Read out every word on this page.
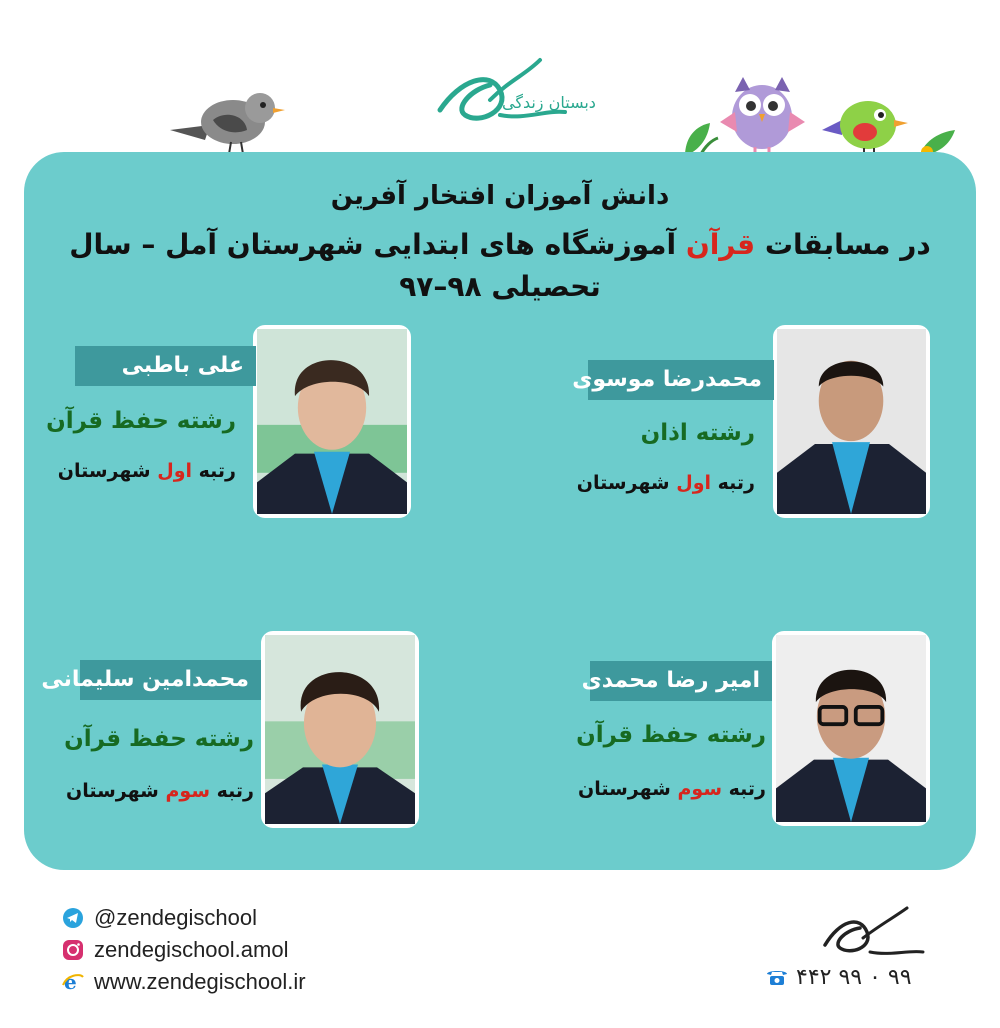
دبستان زندگی
دانش آموزان افتخار آفرین
در مسابقات قرآن آموزشگاه های ابتدایی شهرستان آمل – سال تحصیلی ۹۸–۹۷
محمدرضا موسوی
رشته اذان
رتبه اول شهرستان
علی باطبی
رشته حفظ قرآن
رتبه اول شهرستان
امیر رضا محمدی
رشته حفظ قرآن
رتبه سوم شهرستان
محمدامین سلیمانی
رشته حفظ قرآن
رتبه سوم شهرستان
@zendegischool
zendegischool.amol
e www.zendegischool.ir	۴۴۲ ۹۹ ۰ ۹۹
